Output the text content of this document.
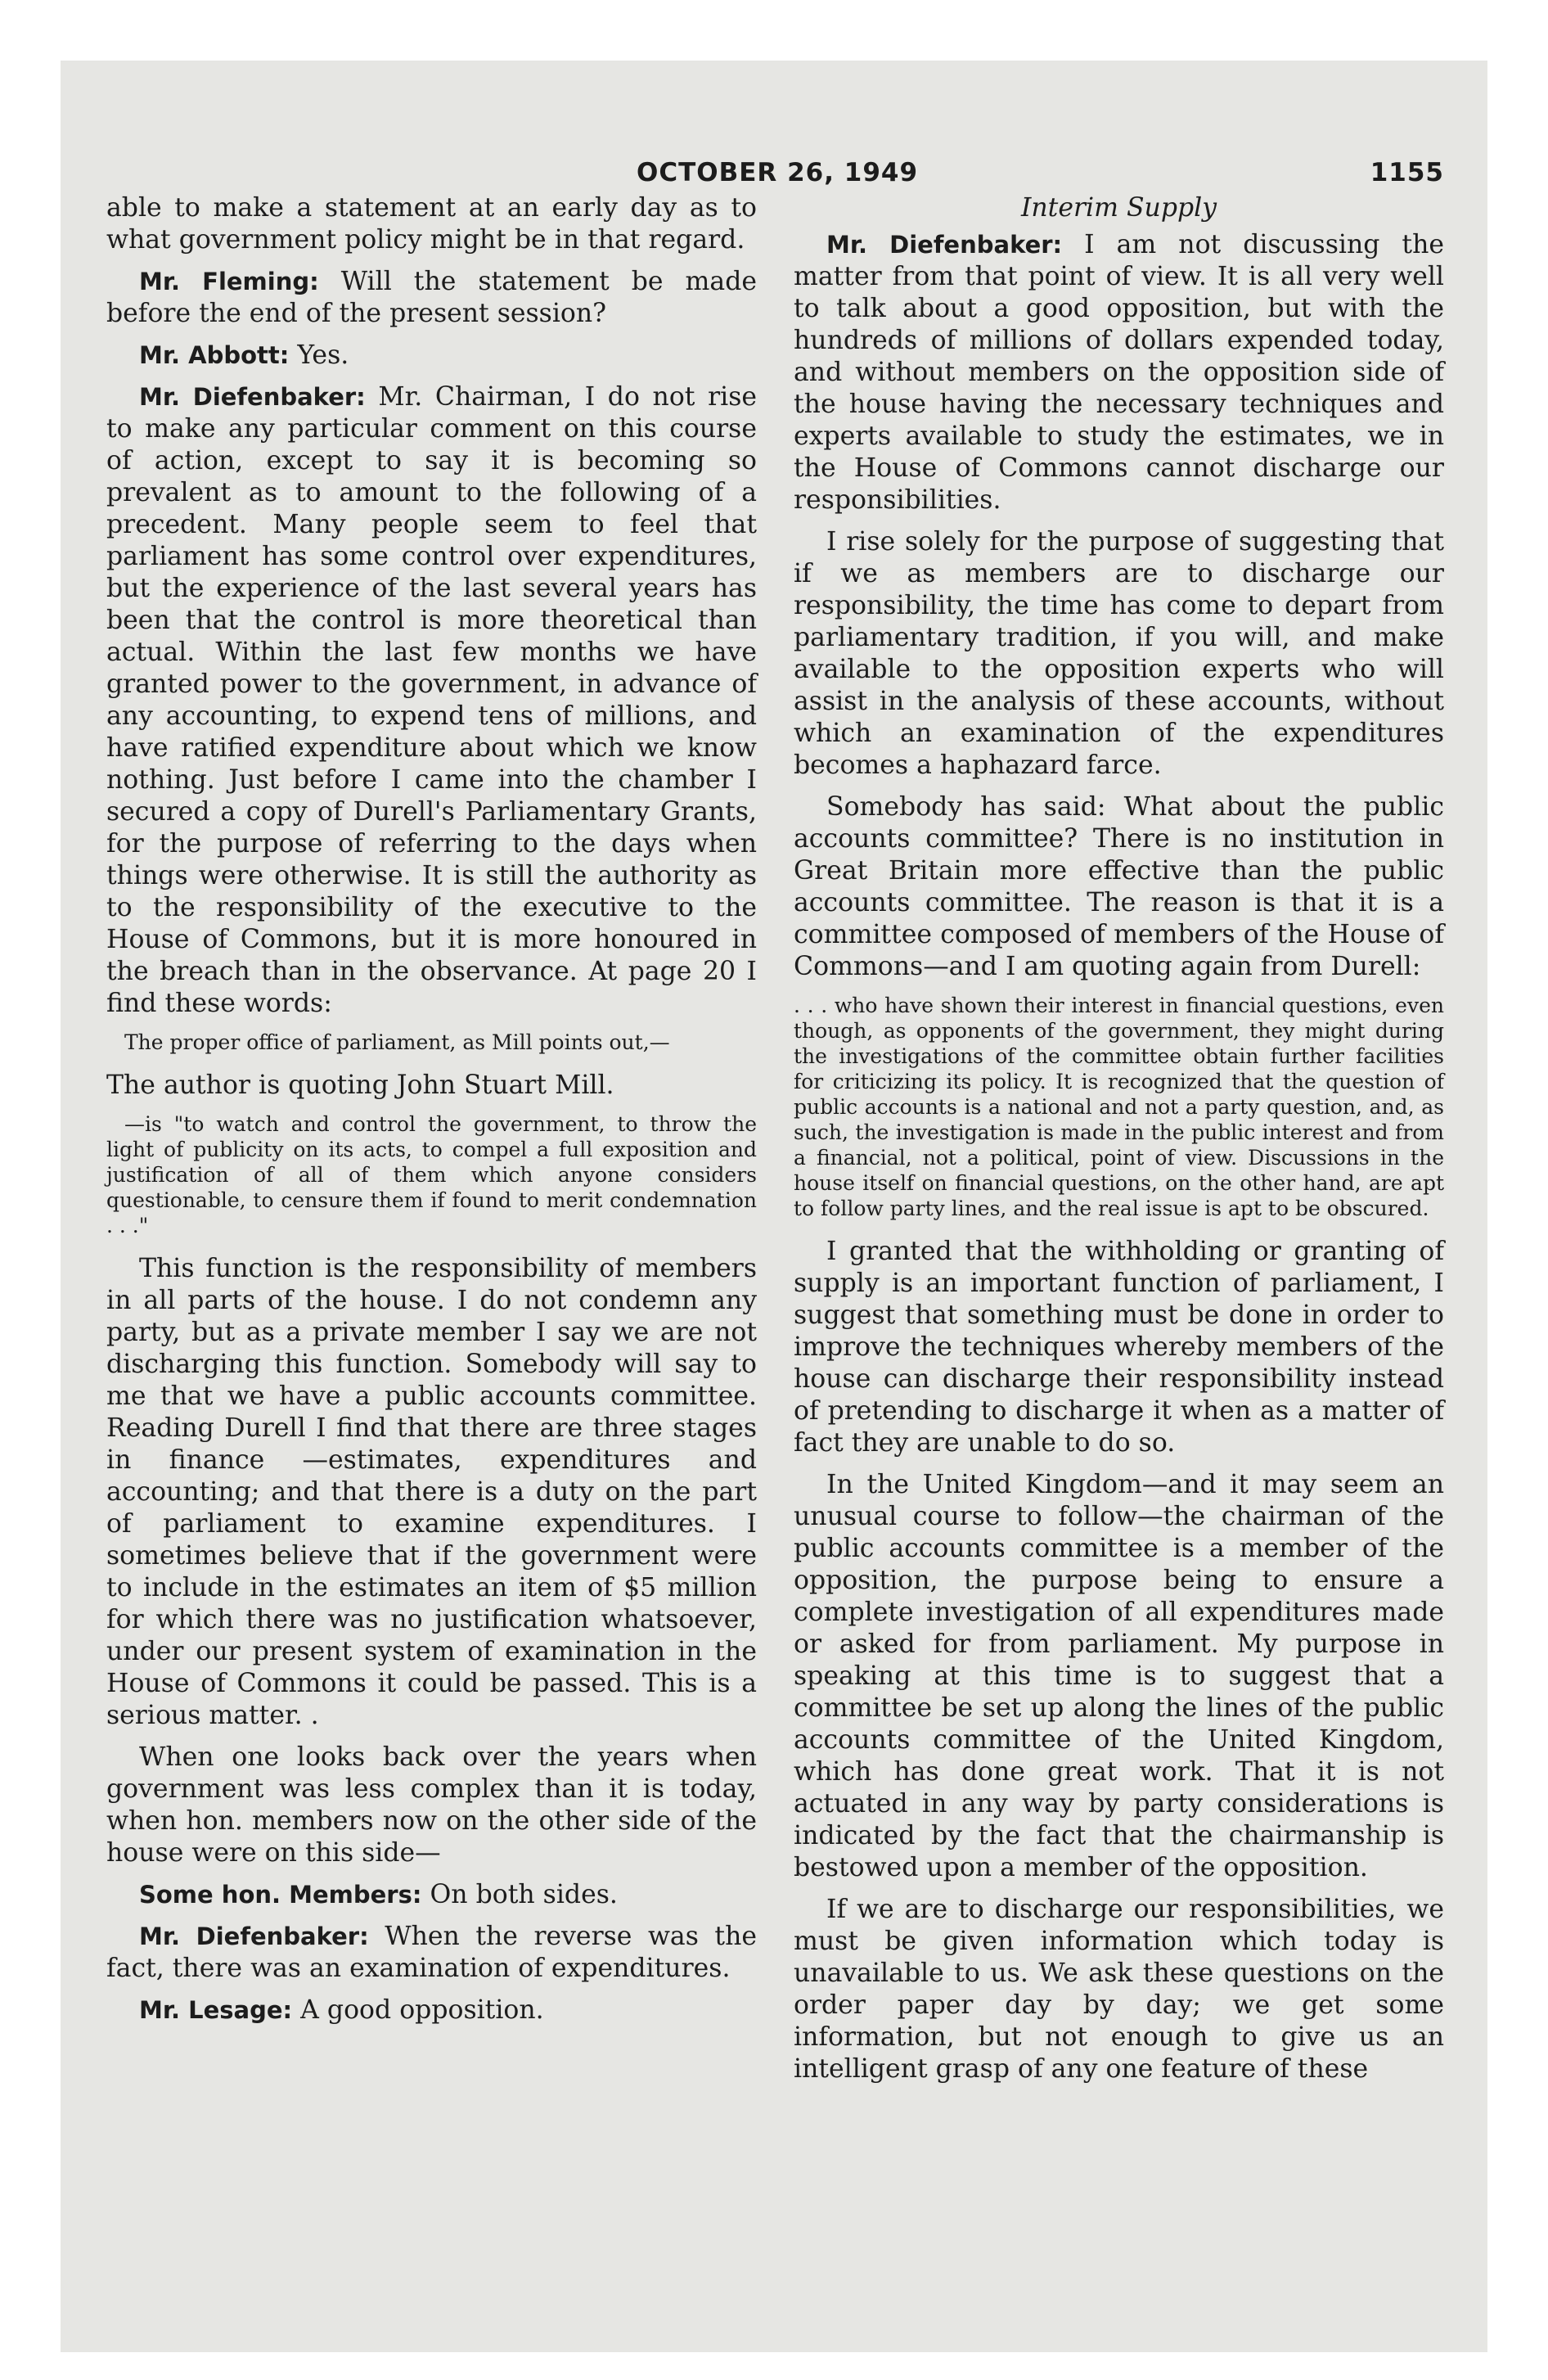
OCTOBER 26, 1949	1155

able to make a statement at an early day as to what government policy might be in that regard.

Mr. Fleming: Will the statement be made before the end of the present session?

Mr. Abbott: Yes.

Mr. Diefenbaker: Mr. Chairman, I do not rise to make any particular comment on this course of action, except to say it is becoming so prevalent as to amount to the following of a precedent. Many people seem to feel that parliament has some control over expenditures, but the experience of the last several years has been that the control is more theoretical than actual. Within the last few months we have granted power to the government, in advance of any accounting, to expend tens of millions, and have ratified expenditure about which we know nothing. Just before I came into the chamber I secured a copy of Durell's Parliamentary Grants, for the purpose of referring to the days when things were otherwise. It is still the authority as to the responsibility of the executive to the House of Commons, but it is more honoured in the breach than in the observance. At page 20 I find these words:

The proper office of parliament, as Mill points out,—

The author is quoting John Stuart Mill.

—is "to watch and control the government, to throw the light of publicity on its acts, to compel a full exposition and justification of all of them which anyone considers questionable, to censure them if found to merit condemnation . . ."

This function is the responsibility of members in all parts of the house. I do not condemn any party, but as a private member I say we are not discharging this function. Somebody will say to me that we have a public accounts committee. Reading Durell I find that there are three stages in finance —estimates, expenditures and accounting; and that there is a duty on the part of parliament to examine expenditures. I sometimes believe that if the government were to include in the estimates an item of $5 million for which there was no justification whatsoever, under our present system of examination in the House of Commons it could be passed. This is a serious matter. .

When one looks back over the years when government was less complex than it is today, when hon. members now on the other side of the house were on this side—

Some hon. Members: On both sides.

Mr. Diefenbaker: When the reverse was the fact, there was an examination of expenditures.

Mr. Lesage: A good opposition.

Interim Supply

Mr. Diefenbaker: I am not discussing the matter from that point of view. It is all very well to talk about a good opposition, but with the hundreds of millions of dollars expended today, and without members on the opposition side of the house having the necessary techniques and experts available to study the estimates, we in the House of Commons cannot discharge our responsibilities.

I rise solely for the purpose of suggesting that if we as members are to discharge our responsibility, the time has come to depart from parliamentary tradition, if you will, and make available to the opposition experts who will assist in the analysis of these accounts, without which an examination of the expenditures becomes a haphazard farce.

Somebody has said: What about the public accounts committee? There is no institution in Great Britain more effective than the public accounts committee. The reason is that it is a committee composed of members of the House of Commons—and I am quoting again from Durell:

. . . who have shown their interest in financial questions, even though, as opponents of the government, they might during the investigations of the committee obtain further facilities for criticizing its policy. It is recognized that the question of public accounts is a national and not a party question, and, as such, the investigation is made in the public interest and from a financial, not a political, point of view. Discussions in the house itself on financial questions, on the other hand, are apt to follow party lines, and the real issue is apt to be obscured.

I granted that the withholding or granting of supply is an important function of parliament, I suggest that something must be done in order to improve the techniques whereby members of the house can discharge their responsibility instead of pretending to discharge it when as a matter of fact they are unable to do so.

In the United Kingdom—and it may seem an unusual course to follow—the chairman of the public accounts committee is a member of the opposition, the purpose being to ensure a complete investigation of all expenditures made or asked for from parliament. My purpose in speaking at this time is to suggest that a committee be set up along the lines of the public accounts committee of the United Kingdom, which has done great work. That it is not actuated in any way by party considerations is indicated by the fact that the chairmanship is bestowed upon a member of the opposition.

If we are to discharge our responsibilities, we must be given information which today is unavailable to us. We ask these questions on the order paper day by day; we get some information, but not enough to give us an intelligent grasp of any one feature of these
